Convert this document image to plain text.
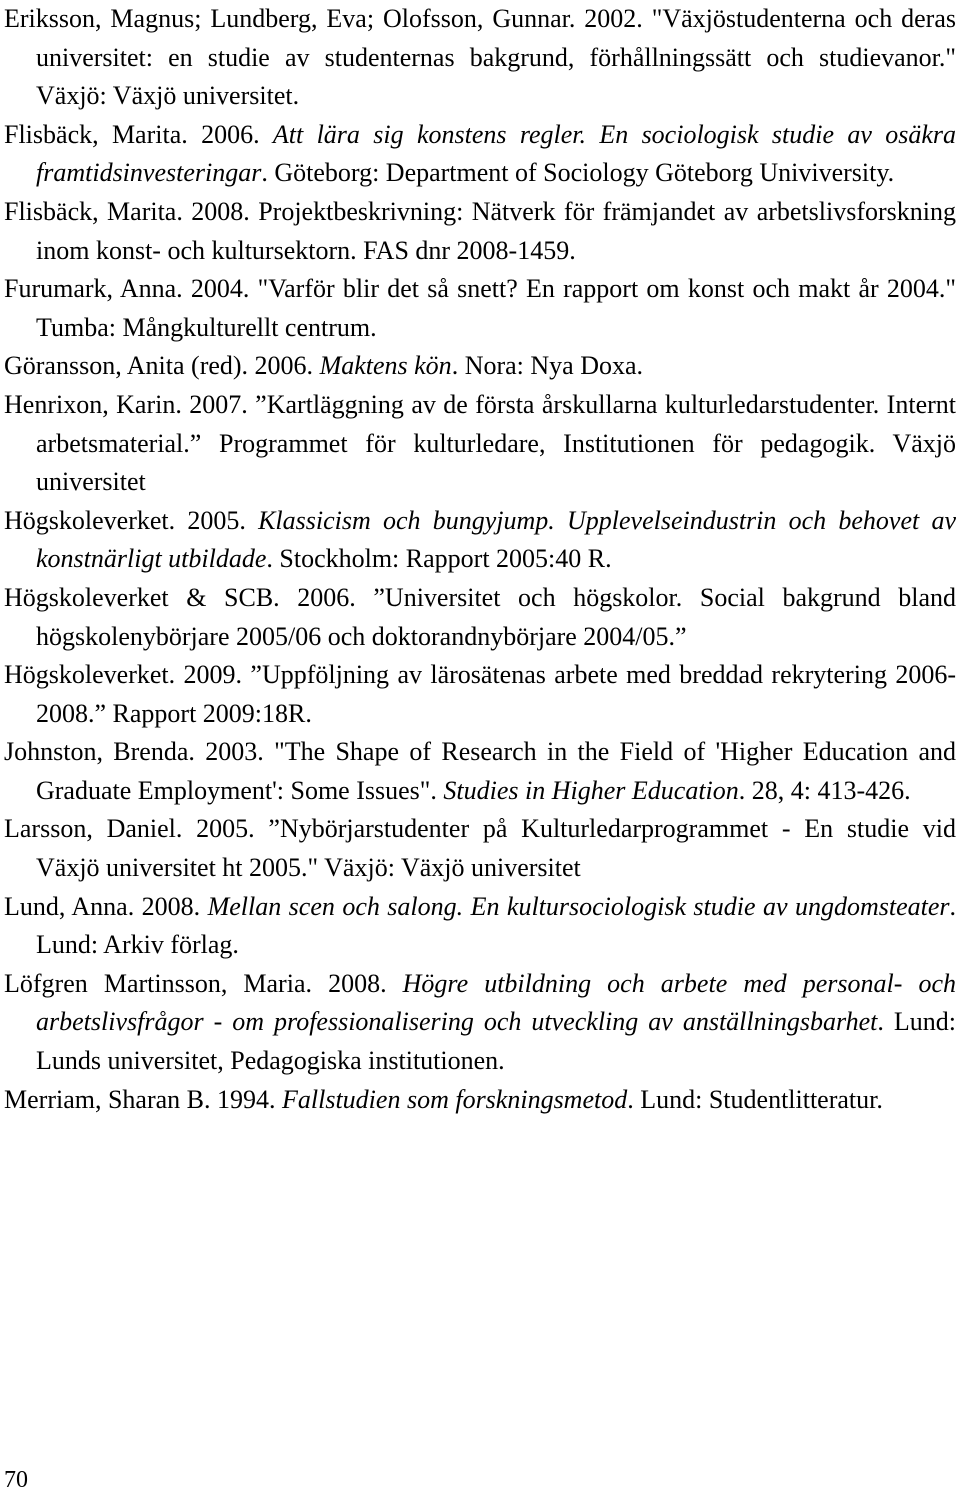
Eriksson, Magnus; Lundberg, Eva; Olofsson, Gunnar. 2002. "Växjöstudenterna och deras universitet: en studie av studenternas bakgrund, förhållningssätt och studievanor." Växjö: Växjö universitet.

Flisbäck, Marita. 2006. Att lära sig konstens regler. En sociologisk studie av osäkra framtidsinvesteringar. Göteborg: Department of Sociology Göteborg Univiversity.

Flisbäck, Marita. 2008. Projektbeskrivning: Nätverk för främjandet av arbetslivsforskning inom konst- och kultursektorn. FAS dnr 2008-1459.

Furumark, Anna. 2004. "Varför blir det så snett? En rapport om konst och makt år 2004." Tumba: Mångkulturellt centrum.

Göransson, Anita (red). 2006. Maktens kön. Nora: Nya Doxa.

Henrixon, Karin. 2007. ”Kartläggning av de första årskullarna kulturledarstudenter. Internt arbetsmaterial.” Programmet för kulturledare, Institutionen för pedagogik. Växjö universitet

Högskoleverket. 2005. Klassicism och bungyjump. Upplevelseindustrin och behovet av konstnärligt utbildade. Stockholm: Rapport 2005:40 R.

Högskoleverket & SCB. 2006. ”Universitet och högskolor. Social bakgrund bland högskolenybörjare 2005/06 och doktorandnybörjare 2004/05.”

Högskoleverket. 2009. ”Uppföljning av lärosätenas arbete med breddad rekrytering 2006-2008.” Rapport 2009:18R.

Johnston, Brenda. 2003. "The Shape of Research in the Field of 'Higher Education and Graduate Employment': Some Issues". Studies in Higher Education. 28, 4: 413-426.

Larsson, Daniel. 2005. ”Nybörjarstudenter på Kulturledarprogrammet - En studie vid Växjö universitet ht 2005." Växjö: Växjö universitet

Lund, Anna. 2008. Mellan scen och salong. En kultursociologisk studie av ungdomsteater. Lund: Arkiv förlag.

Löfgren Martinsson, Maria. 2008. Högre utbildning och arbete med personal- och arbetslivsfrågor - om professionalisering och utveckling av anställningsbarhet. Lund: Lunds universitet, Pedagogiska institutionen.

Merriam, Sharan B. 1994. Fallstudien som forskningsmetod. Lund: Studentlitteratur.

70
